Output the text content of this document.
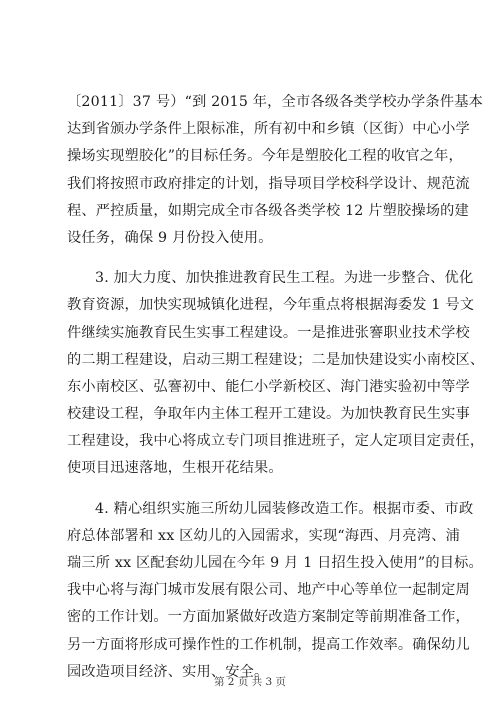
〔2011〕37 号）“到 2015 年，全市各级各类学校办学条件基本
达到省颁办学条件上限标准，所有初中和乡镇（区街）中心小学
操场实现塑胶化”的目标任务。今年是塑胶化工程的收官之年，
我们将按照市政府排定的计划，指导项目学校科学设计、规范流
程、严控质量，如期完成全市各级各类学校 12 片塑胶操场的建
设任务，确保 9 月份投入使用。
3. 加大力度、加快推进教育民生工程。为进一步整合、优化
教育资源，加快实现城镇化进程，今年重点将根据海委发 1 号文
件继续实施教育民生实事工程建设。一是推进张謇职业技术学校
的二期工程建设，启动三期工程建设；二是加快建设实小南校区、
东小南校区、弘謇初中、能仁小学新校区、海门港实验初中等学
校建设工程，争取年内主体工程开工建设。为加快教育民生实事
工程建设，我中心将成立专门项目推进班子，定人定项目定责任，
使项目迅速落地，生根开花结果。
4. 精心组织实施三所幼儿园装修改造工作。根据市委、市政
府总体部署和 xx 区幼儿的入园需求，实现“海西、月亮湾、浦
瑞三所 xx 区配套幼儿园在今年 9 月 1 日招生投入使用”的目标。
我中心将与海门城市发展有限公司、地产中心等单位一起制定周
密的工作计划。一方面加紧做好改造方案制定等前期准备工作，
另一方面将形成可操作性的工作机制，提高工作效率。确保幼儿
园改造项目经济、实用、安全。
第 2 页 共 3 页
